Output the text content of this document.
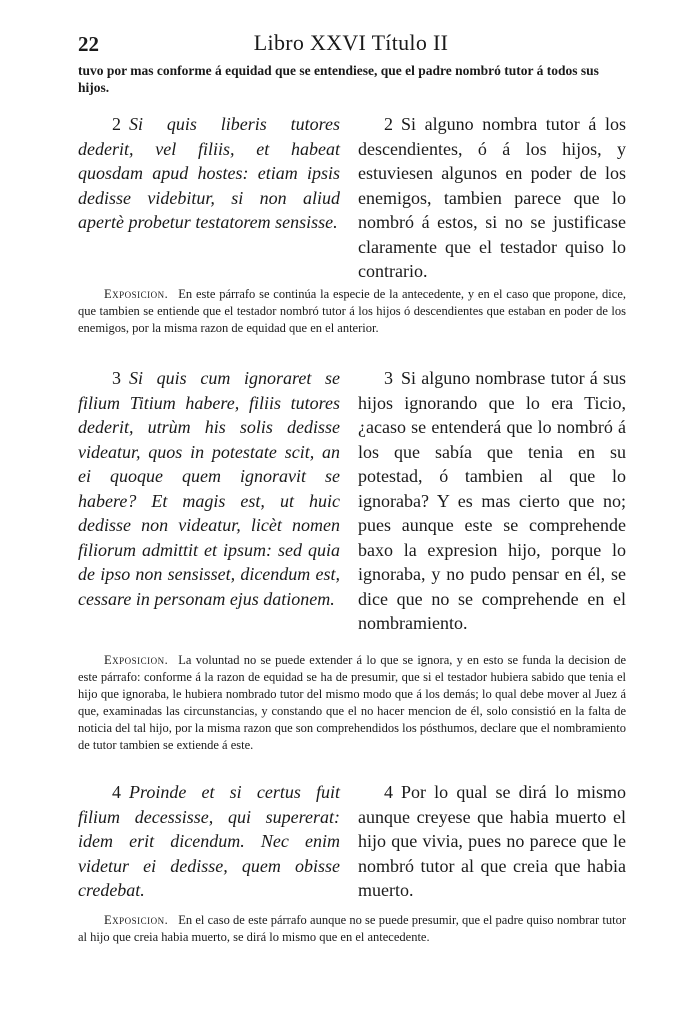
22	Libro XXVI Título II

tuvo por mas conforme á equidad que se entendiese, que el padre nombró tutor á todos sus hijos.

2 Si quis liberis tutores dederit, vel filiis, et habeat quosdam apud hostes: etiam ipsis dedisse videbitur, si non aliud apertè probetur testatorem sensisse.

2 Si alguno nombra tutor á los descendientes, ó á los hijos, y estuviesen algunos en poder de los enemigos, tambien parece que lo nombró á estos, si no se justificase claramente que el testador quiso lo contrario.

Exposicion. En este párrafo se continúa la especie de la antecedente, y en el caso que propone, dice, que tambien se entiende que el testador nombró tutor á los hijos ó descendientes que estaban en poder de los enemigos, por la misma razon de equidad que en el anterior.

3 Si quis cum ignoraret se filium Titium habere, filiis tutores dederit, utrùm his solis dedisse videatur, quos in potestate scit, an ei quoque quem ignoravit se habere? Et magis est, ut huic dedisse non videatur, licèt nomen filiorum admittit et ipsum: sed quia de ipso non sensisset, dicendum est, cessare in personam ejus dationem.

3 Si alguno nombrase tutor á sus hijos ignorando que lo era Ticio, ¿acaso se entenderá que lo nombró á los que sabía que tenia en su potestad, ó tambien al que lo ignoraba? Y es mas cierto que no; pues aunque este se comprehende baxo la expresion hijo, porque lo ignoraba, y no pudo pensar en él, se dice que no se comprehende en el nombramiento.

Exposicion. La voluntad no se puede extender á lo que se ignora, y en esto se funda la decision de este párrafo: conforme á la razon de equidad se ha de presumir, que si el testador hubiera sabido que tenia el hijo que ignoraba, le hubiera nombrado tutor del mismo modo que á los demás; lo qual debe mover al Juez á que, examinadas las circunstancias, y constando que el no hacer mencion de él, solo consistió en la falta de noticia del tal hijo, por la misma razon que son comprehendidos los pósthumos, declare que el nombramiento de tutor tambien se extiende á este.

4 Proinde et si certus fuit filium decessisse, qui supererat: idem erit dicendum. Nec enim videtur ei dedisse, quem obisse credebat.

4 Por lo qual se dirá lo mismo aunque creyese que habia muerto el hijo que vivia, pues no parece que le nombró tutor al que creia que habia muerto.

Exposicion. En el caso de este párrafo aunque no se puede presumir, que el padre quiso nombrar tutor al hijo que creia habia muerto, se dirá lo mismo que en el antecedente.
